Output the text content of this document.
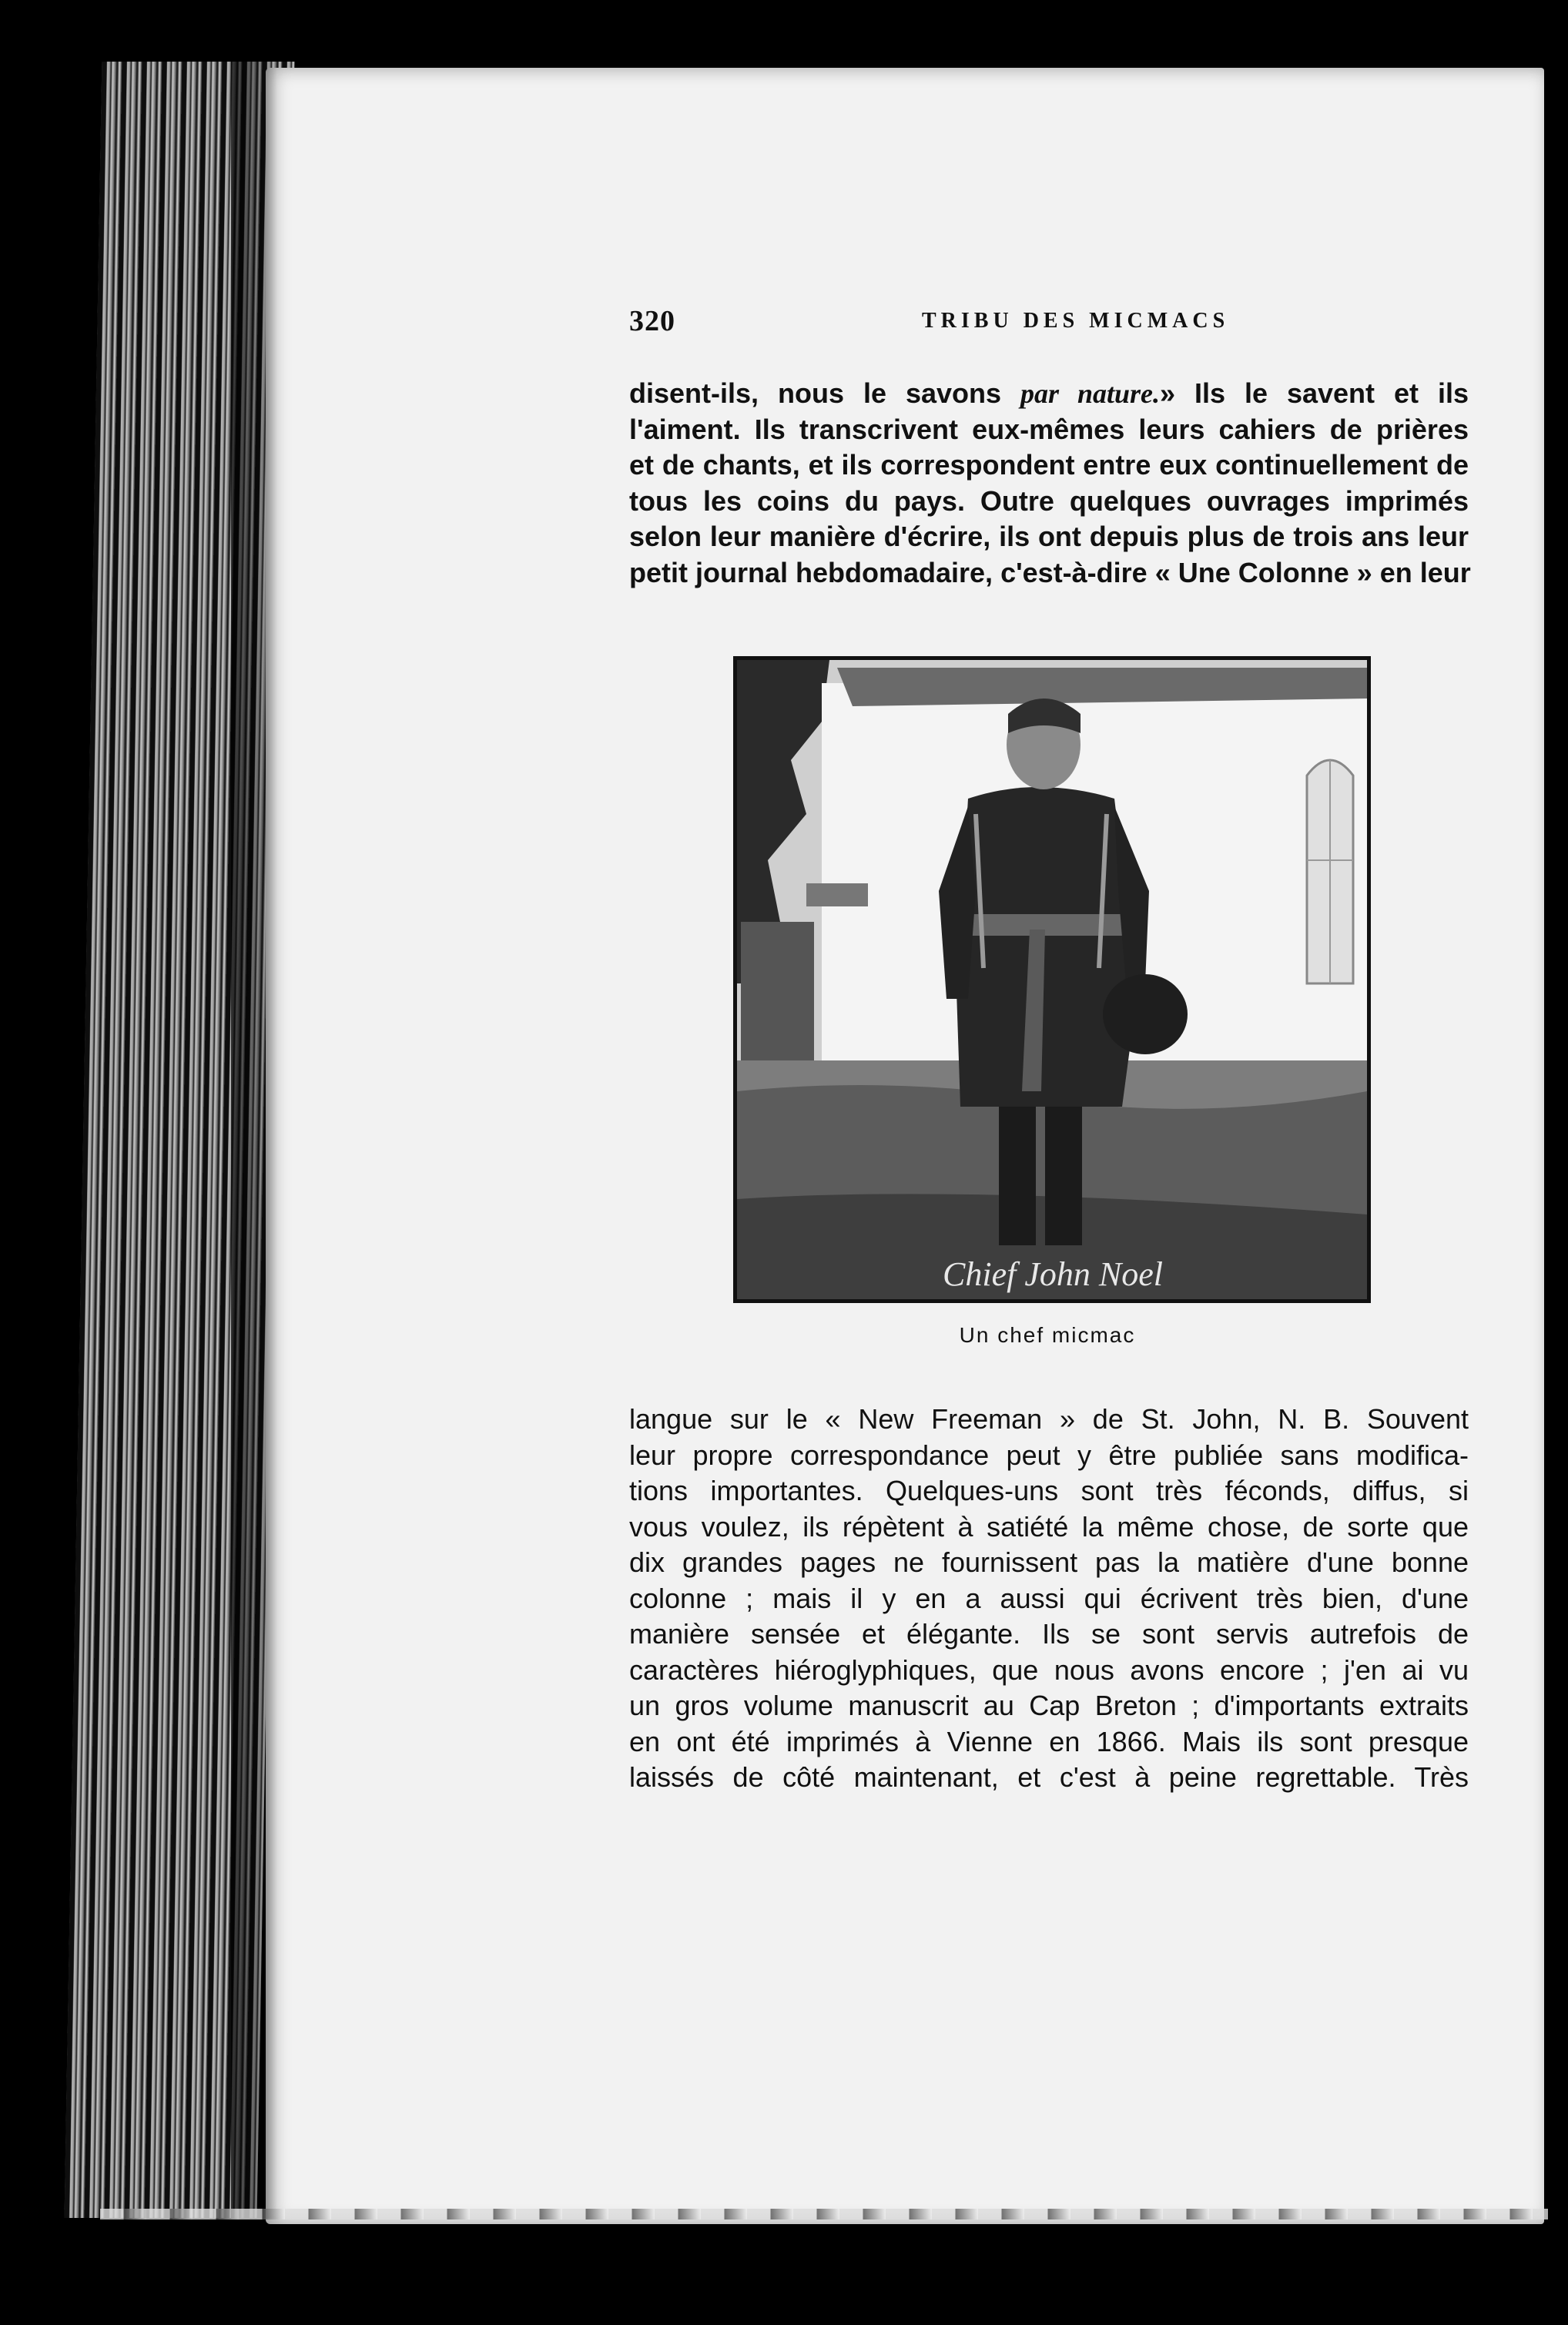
320	TRIBU DES MICMACS
disent-ils, nous le savons par nature.» Ils le savent et ils
l'aiment. Ils transcrivent eux-mêmes leurs cahiers de prières
et de chants, et ils correspondent entre eux continuellement de
tous les coins du pays. Outre quelques ouvrages imprimés
selon leur manière d'écrire, ils ont depuis plus de trois ans leur
petit journal hebdomadaire, c'est-à-dire « Une Colonne » en leur
Chief John Noel
Un chef micmac
langue sur le « New Freeman » de St. John, N. B. Souvent
leur propre correspondance peut y être publiée sans modifica-
tions importantes. Quelques-uns sont très féconds, diffus, si
vous voulez, ils répètent à satiété la même chose, de sorte que
dix grandes pages ne fournissent pas la matière d'une bonne
colonne ; mais il y en a aussi qui écrivent très bien, d'une
manière sensée et élégante. Ils se sont servis autrefois de
caractères hiéroglyphiques, que nous avons encore ; j'en ai vu
un gros volume manuscrit au Cap Breton ; d'importants extraits
en ont été imprimés à Vienne en 1866. Mais ils sont presque
laissés de côté maintenant, et c'est à peine regrettable. Très
